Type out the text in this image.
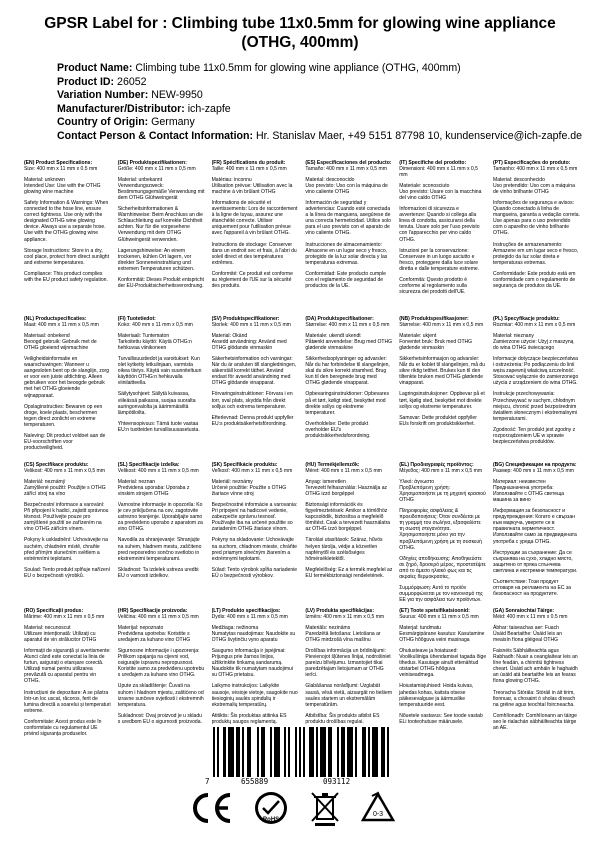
GPSR Label for : Climbing tube 11x0.5mm for glowing wine appliance
(OTHG, 400mm)
Product Name: Climbing tube 11x0.5mm for glowing wine appliance (OTHG, 400mm)
Product ID: 26052
Variation Number: NEW-9950
Manufacturer/Distributor: ich-zapfe
Country of Origin: Germany
Contact Person & Contact Information: Hr. Stanislav Maer, +49 5151 87798 10, kundenservice@ich-zapfe.de
(EN) Product Specifications:

Size: 400 mm x 11 mm x 0.5 mm

Material: unknown
Intended Use: Use with the OTHG glowing wine machine

Safety Information & Warnings: When connected to the hose line, ensure correct tightness. Use only with the designated OTHG wine glowing device. Always use a separate hose. Use with the OTHG glowing wine appliance.

Storage Instructions: Store in a dry, cool place, protect from direct sunlight and extreme temperatures.

Compliance: This product complies with the EU product safety regulation.

(DE) Produktspezifikationen:

Größe: 400 mm x 11 mm x 0,5 mm

Material: unbekannt
Verwendungszweck: Bestimmungsgemäße Verwendung mit dem OTHG Glühweingerät

Sicherheitsinformationen & Warnhinweise: Beim Anschluss an die Schlauchleitung auf korrekte Dichtheit achten. Nur für die vorgesehene Verwendung mit dem OTHG Glühweingerät verwenden.

Lagerungshinweise: An einem trockenen, kühlen Ort lagern, vor direkter Sonneneinstrahlung und extremen Temperaturen schützen.

Konformität: Dieses Produkt entspricht der EU-Produktsicherheitsverordnung.

(FR) Spécifications du produit:

Taille: 400 mm x 11 mm x 0,5 mm

Matériau: inconnu
Utilisation prévue: Utilisation avec la machine à vin brûlant OTHG

Informations de sécurité et avertissements: Lors de raccordement à la ligne de tuyau, assurez une étanchéité correcte. Utiliser uniquement pour l'utilisation prévue avec l'appareil à vin brûlant OTHG.

Instructions de stockage: Conserver dans un endroit sec et frais, à l'abri du soleil direct et des températures extrêmes.

Conformité: Ce produit est conforme au règlement de l'UE sur la sécurité des produits.

(ES) Especificaciones del producto:

Tamaño: 400 mm x 11 mm x 0,5 mm

Material: desconocido
Uso previsto: Uso con la máquina de vino caliente OTHG

Información de seguridad y advertencias: Cuando esté conectada a la línea de manguera, asegúrese de una correcta hermeticidad. Utilice solo para el uso previsto con el aparato de vino caliente OTHG.

Instrucciones de almacenamiento: Almacene en un lugar seco y fresco, protegido de la luz solar directa y las temperaturas extremas.

Conformidad: Este producto cumple con el reglamento de seguridad de productos de la UE.

(IT) Specifiche del prodotto:

Dimensioni: 400 mm x 11 mm x 0,5 mm

Materiale: sconosciuto
Uso previsto: Usare con la macchina del vino caldo OTHG

Informazioni di sicurezza e avvertenze: Quando si collega alla linea di condotta, assicurarsi della tenuta. Usare solo per l'uso previsto con l'apparecchio per vino caldo OTHG.

Istruzioni per la conservazione: Conservare in un luogo asciutto e fresco, proteggere dalla luce solare diretta e dalle temperature estreme.

Conformità: Questo prodotto è conforme al regolamento sulla sicurezza dei prodotti dell'UE.

(PT) Especificações do produto:

Tamanho: 400 mm x 11 mm x 0,5 mm

Material: desconhecido
Uso pretendido: Uso com a máquina de vinho brilhante OTHG

Informações de segurança e avisos: Quando conectado à linha de mangueira, garanta a vedação correta. Use apenas para o uso pretendido com o aparelho de vinho brilhante OTHG.

Instruções de armazenamento: Armazene em um lugar seco e fresco, protegido da luz solar direta e temperaturas extremas.

Conformidade: Este produto está em conformidade com o regulamento de segurança de produtos da UE.

(NL) Productspecificaties:

Maat: 400 mm x 11 mm x 0,5 mm

Materiaal: onbekend
Beoogd gebruik: Gebruik met de OTHG gloeiend wijnmachine

Veiligheidsinformatie en waarschuwingen: Wanneer u aangesloten bent op de slanglijn, zorg er voor een juiste afdichting. Alleen gebruiken voor het beoogde gebruik met het OTHG gloeiende wijnapparaat.

Opslaginstructies: Bewaren op een droge, koele plaats, beschermen tegen direct zonlicht en extreme temperaturen.

Naleving: Dit product voldoet aan de EU-voorschriften voor productveiligheid.

(FI) Tuotetiedot:

Koko: 400 mm x 11 mm x 0,5 mm

Materiaali: Tuntematon
Tarkoitettu käyttö: Käytä OTHG:n hehkuvaa viinikoneen

Turvallisuustiedot ja varoitukset: Kun olet kytketty letkulinjaan, varmista oikea tiiviys. Käytä vain suunniteltuun käyttöön OTHG:n hehkuvalla viinilaitteella.

Säilytysohjeet: Säilytä kuivassa, viileässä paikassa, suojaa suoralta auringonvalolta ja äärimmäisiltä lämpötiloilta.

Yhteensopivuus: Tämä tuote vastaa EU:n tuotteiden turvallisuusasetusta.

(SV) Produktspecifikationer:

Storlek: 400 mm x 11 mm x 0,5 mm

Material: Okänd
Avsedd användning: Använd med OTHG glödande vinmaskin

Säkerhetsinformation och varningar: När du är ansluten till slangledningen, säkerställ korrekt täthet. Använd endast för avsedd användning med OTHG glödande vinapparat.

Förvaringsinstruktioner: Förvara i en torr, sval plats, skydda från direkt solljus och extrema temperaturer.

Efterlevnad: Denna produkt uppfyller EU:s produktsäkerhetsförordning.

(DA) Produktspecifikationer:

Størrelse: 400 mm x 11 mm x 0,5 mm

Materiale: ukendt ukendt
Påtænkt anvendelse: Brug med OTHG glødende vinmaskine

Sikkerhedsoplysninger og advarsler: Når du har forbindelse til slangelinjen, skal du sikre korrekt stramhed. Brug kun til den beregnede brug med OTHG glødende vinapparat.

Opbevaringsinstruktioner: Opbevares på et tørt, køligt sted, beskyttet mod direkte sollys og ekstreme temperaturer.

Overholdelse: Dette produkt overholder EU's produktsikkerhedsforordning.

(NB) Produktspesifikasjoner:

Størrelse: 400 mm x 11 mm x 0,5 mm

Materiale: ukjent
Forventet bruk: Bruk med OTHG glødende vinmaskin

Sikkerhetsinformasjon og advarsler: Når du er koblet til slangelinjen, må du sikre riktig tetthet. Brukes kun til den tiltenkte bruken med OTHG glødende vinapparat.

Lagringsinstruksjoner: Oppbevar på et tørt, kjølig sted, beskyttet mot direkte sollys og ekstreme temperaturer.

Samsvar: Dette produktet oppfyller EUs forskrift om produktsikkerhet.

(PL) Specyfikacje produktu:

Rozmiar: 400 mm x 11 mm x 0,5 mm

Materiał: nieznany
Zamierzone użycie: Użyj z maszyną do wina OTHG świecącego

Informacje dotyczące bezpieczeństwa i ostrzeżenia: Po podłączeniu do linii węża zapewnij właściwą szczelność. Stosować wyłącznie do zamierzonego użycia z urządzeniem do wina OTHG.

Instrukcje przechowywania: Przechowywać w suchym, chłodnym miejscu, chronić przed bezpośrednim światłem słonecznym i ekstremalnymi temperaturami.

Zgodność: Ten produkt jest zgodny z rozporządzeniem UE w sprawie bezpieczeństwa produktów.

(CS) Specifikace produktu:

Velikost: 400 mm x 11 mm x 0,5 mm

Materiál: neznámý
Zamýšlené použití: Použijte s OTHG zářící stroj na víno

Bezpečnostní informace a varování: Při připojení k hadici, zajistit správnou těsnost. Používejte pouze pro zamýšlené použití se zařízením na víno OTHG zářícím vínem.

Pokyny k uskladnění: Uchovávejte na suchém, chladném místě, chraňte před přímým slunečním světlem a extrémními teplotami.

Soulad: Tento produkt splňuje nařízení EU o bezpečnosti výrobků.

(SL) Specifikacije izdelka:

Velikost: 400 mm x 11 mm x 0,5 mm

Material: neznan
Predvidena uporaba: Uporaba z vinskim strojem OTHG

Varnostne informacije in opozorila: Ko je cev priključena na cev, zagotovite ustrezno tesnjenje. Uporabljajte samo za predvideno uporabo z aparatom za vino OTHG.

Navodila za shranjevanje: Shranjujte na suhem, hladnem mestu, zaščiteno pred neposredno sončno svetlobo in ekstremnimi temperaturami.

Skladnost: Ta izdelek ustreza uredbi EU o varnosti izdelkov.

(SK) Špecifikácie produktu:

Veľkosť: 400 mm x 11 mm x 0,5 mm

Materiál: neznámy
Určené použitie: Použite s OTHG žiariace vínne stroj

Bezpečnostné informácie a varovania: Pri pripojení na hadicové vedenie, zabezpečte správnu tesnosť. Používajte iba na určené použitie so zariadením OTHG žiariace vínom.

Pokyny na skladovanie: Uchovávajte na suchom, chladnom mieste, chráňte pred priamym slnečným žiarením a extrémnymi teplotami.

Súlad: Tento výrobok spĺňa nariadenie EÚ o bezpečnosti výrobkov.

(HU) Termékjellemzők:

Méret: 400 mm x 11 mm x 0,5 mm

Anyag: ismeretlen
Tervezett felhasználás: Használja az OTHG izzó borgéppel

Biztonsági információk és figyelmeztetések: Amikor a tömlőhöz kapcsolódik, biztosítsa a megfelelő tömítést. Csak a tervezett használatra az OTHG izzó borgéppel.

Tárolási utasítások: Száraz, hűvös helyen tárolja, védje a közvetlen napfénytől és szélsőséges hőmérsékletektől.

Megfelelőség: Ez a termék megfelel az EU termékbiztonsági rendeletének.

(EL) Προδιαγραφές προϊόντος:

Μέγεθος: 400 mm x 11 mm x 0,5 mm

Υλικό: άγνωστο
Προβλεπόμενη χρήση: Χρησιμοποιήστε με τη μηχανή κρασιού OTHG

Πληροφορίες ασφάλειας & προειδοποιήσεις: Όταν συνδέεται με τη γραμμή του σωλήνα, εξασφαλίστε τη σωστή στεγανότητα. Χρησιμοποιήστε μόνο για την προβλεπόμενη χρήση με τη συσκευή OTHG.

Οδηγίες αποθήκευσης: Αποθηκεύστε σε ξηρό, δροσερό μέρος, προστατέψτε από το άμεσο ηλιακό φως και τις ακραίες θερμοκρασίες.

Συμμόρφωση: Αυτό το προϊόν συμμορφώνεται με τον κανονισμό της ΕΕ για την ασφάλεια των προϊόντων.

(BG) Спецификации на продукта:

Размер: 400 mm x 11 mm x 0,5 mm

Материал: неизвестен
Предназначена употреба: Използвайте с OTHG светеща машина за вино

Информация за безопасност и предупреждения: Когато е свързан към маркуча, уверете се в правилната херметичност. Използвайте само за предвидената употреба с уреда OTHG.

Инструкции за съхранение: Да се съхранява на сухо, хладно място, защитено от пряка слънчева светлина и екстремни температури.

Съответствие: Този продукт отговаря на регламента на ЕС за безопасност на продуктите.

(RO) Specificații produs:

Mărime: 400 mm x 11 mm x 0,5 mm

Material: necunoscut
Utilizare intenționată: Utilizați cu aparatul de vin strălucitor OTHG

Informații de siguranță și avertismente: Atunci când este conectat la linia de furtun, asigurați o etanșare corectă. Utilizați numai pentru utilizarea prevăzută cu aparatul pentru vin OTHG.

Instrucțiuni de depozitare: A se păstra într-un loc uscat, răcoros, ferit de lumina directă a soarelui și temperaturi extreme.

Conformitate: Acest produs este în conformitate cu regulamentul UE privind siguranța produselor.

(HR) Specifikacije proizvoda:

Veličina: 400 mm x 11 mm x 0,5 mm

Materijal: nepoznato
Predviđena upotreba: Koristite s uređajem za kuhano vino OTHG

Sigurnosne informacije i upozorenja: Prilikom spajanja na cijevni vod, osigurajte ispravnu nepropusnost. Koristite samo za predviđenu upotrebu s uređajem za kuhano vino OTHG.

Upute za skladištenje: Čuvati na suhom i hladnom mjestu, zaštićeno od izravne sunčeve svjetlosti i ekstremnih temperatura.

Sukladnost: Ovaj proizvod je u skladu s uredbom EU o sigurnosti proizvoda.

(LT) Produkto specifikacijos:

Dydis: 400 mm x 11 mm x 0,5 mm

Medžiaga: nežinoma
Numatytas naudojimas: Naudokite su OTHG švytinčiu vyno aparatu

Saugumo informacija ir įspėjimai: Prijungus prie žarnos linijos, užtikrinkite tinkamą sandarumą. Naudokite tik numatytam naudojimui su OTHG prietaisu.

Laikymo instrukcijos: Laikykite sausoje, vėsioje vietoje, saugokite nuo tiesioginių saulės spindulių ir ekstremalių temperatūrų.

Atitiktis: Šis produktas atitinka ES produktų saugos reglamentą.

(LV) Produkta specifikācijas:

Izmērs: 400 mm x 11 mm x 0,5 mm

Materiāls: nezināms
Paredzētā lietošana: Lietošana ar OTHG mirdzošā vīna mašīnu

Drošības informācija un brīdinājumi: Pievienojot šļūtenes līnijai, nodrošiniet pareizu blīvējumu. Izmantojiet tikai paredzētajam lietojumam ar OTHG ierīci.

Glabāšanas norādījumi: Uzglabāt sausā, vēsā vietā, aizsargāt no tiešiem saules stariem un ekstremālām temperatūrām.

Atbilstība: Šis produkts atbilst ES produktu drošības regulai.

(ET) Toote spetsifikatsioonid:

Suurus: 400 mm x 11 mm x 0,5 mm

Materjal: tundmatu
Eesmärgipärane kasutus: Kasutamine OTHG hõõguva veini masinaga

Ohutusteave ja hoiatused: Voolikuliiniga ühendamisel tagada õige tihedus. Kasutage ainult ettenähtud otstarbel OTHG hõõguva veiniseadmega.

Hoiustamisjuhised: Hoida kuivas, jahedas kohas, kaitsta otsese päikesevalguse ja äärmuslike temperatuuride eest.

Nõuetele vastavus: See toode vastab ELi tooteohutuse määrusele.

(GA) Sonraíochtaí Táirge:

Méid: 400 mm x 11 mm x 0.5 mm

Ábhar: taiseachas aer: Fuach
Úsáid Beartaithe: Úsáid leis an meaisín fíona gléigeal OTHG

Faisnéis Sábháilteachta agus Rabhadh: Nuair a ceanglaítear leis an líne feadán, a chinntiú tightness cheart. Úsáid ach amháin le haghaidh an úsáid atá beartaithe leis an fearas fíona glowing OTHG.

Treoracha Stórála: Stóráil in áit tirim, fionnuar, a chosaint ó sholas díreach na gréine agus teochtaí foircneacha.

Comhlíonadh: Comhlíonann an táirge seo le rialachán sábháilteachta táirge an AE.

7	655889	093112
RoHS
0-3
